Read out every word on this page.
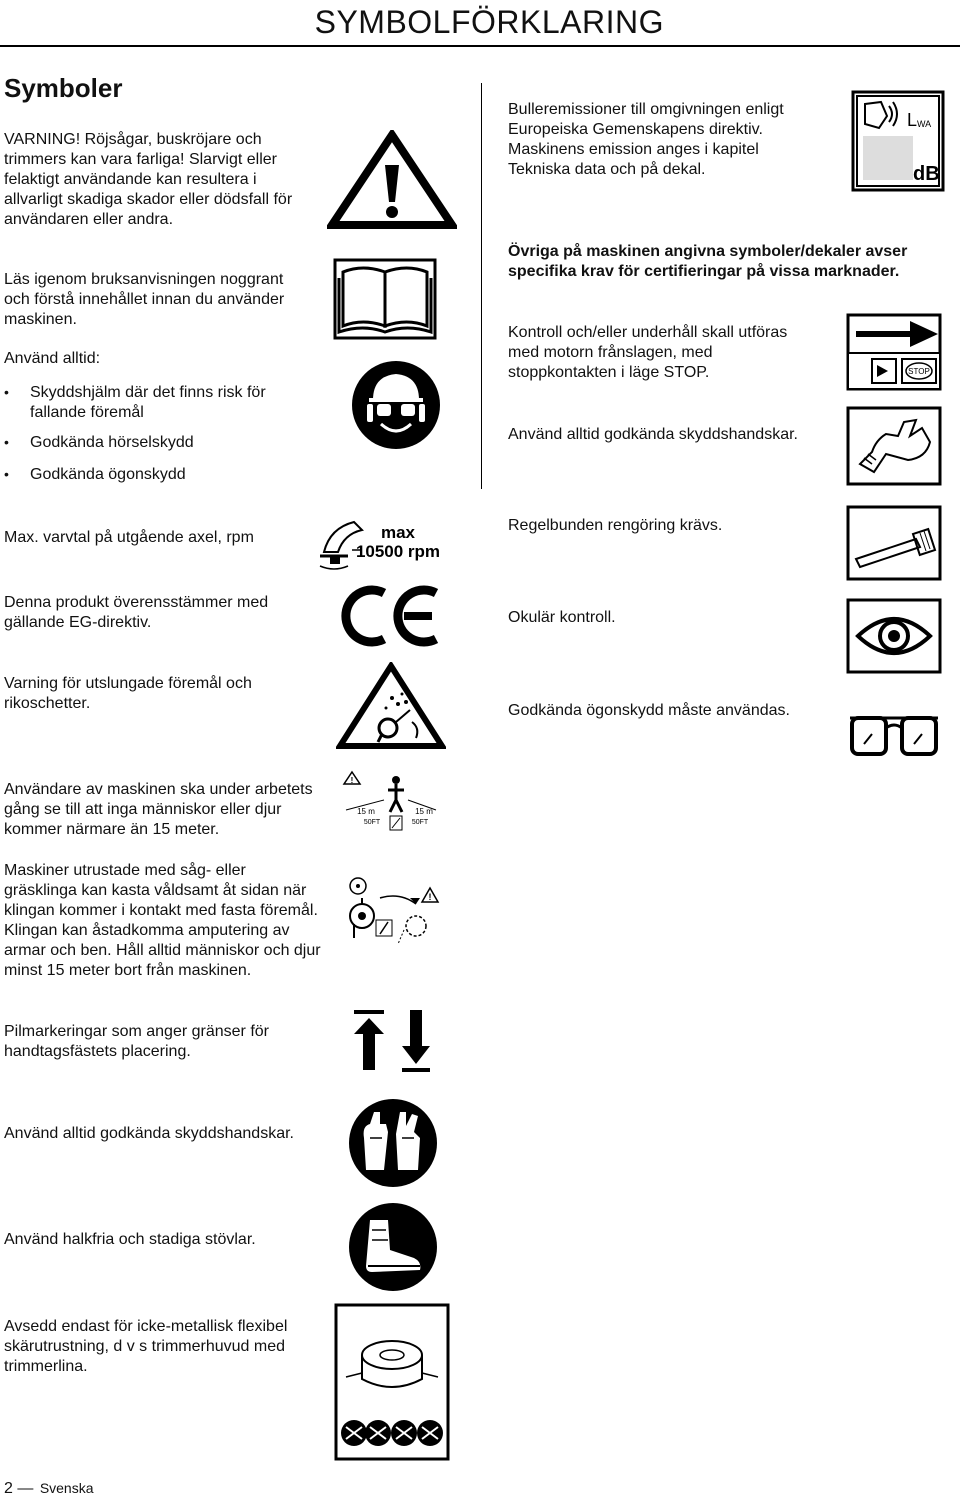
SYMBOLFÖRKLARING
Symboler
VARNING! Röjsågar, buskröjare och
trimmers kan vara farliga! Slarvigt eller
felaktigt användande kan resultera i
allvarligt skadiga skador eller dödsfall för
användaren eller andra.
Läs igenom bruksanvisningen noggrant
och förstå innehållet innan du använder
maskinen.
Använd alltid:
• Skyddshjälm där det finns risk för
fallande föremål
• Godkända hörselskydd
• Godkända ögonskydd
Bulleremissioner till omgivningen enligt
Europeiska Gemenskapens direktiv.
Maskinens emission anges i kapitel
Tekniska data och på dekal.
Övriga på maskinen angivna symboler/dekaler avser
specifika krav för certifieringar på vissa marknader.
Kontroll och/eller underhåll skall utföras
med motorn frånslagen, med
stoppkontakten i läge STOP.
Använd alltid godkända skyddshandskar.
Regelbunden rengöring krävs.
Okulär kontroll.
Godkända ögonskydd måste användas.
L WA
dB
STOP
Max. varvtal på utgående axel, rpm
Denna produkt överensstämmer med
gällande EG-direktiv.
Varning för utslungade föremål och
rikoschetter.
Användare av maskinen ska under arbetets
gång se till att inga människor eller djur
kommer närmare än 15 meter.
Maskiner utrustade med såg- eller
gräsklinga kan kasta våldsamt åt sidan när
klingan kommer i kontakt med fasta föremål.
Klingan kan åstadkomma amputering av
armar och ben. Håll alltid människor och djur
minst 15 meter bort från maskinen.
Pilmarkeringar som anger gränser för
handtagsfästets placering.
Använd alltid godkända skyddshandskar.
Använd halkfria och stadiga stövlar.
Avsedd endast för icke-metallisk flexibel
skärutrustning, d v s trimmerhuvud med
trimmerlina.
max
10500 rpm
!
15 m	15 m
50FT	50FT
!
2 — Svenska
